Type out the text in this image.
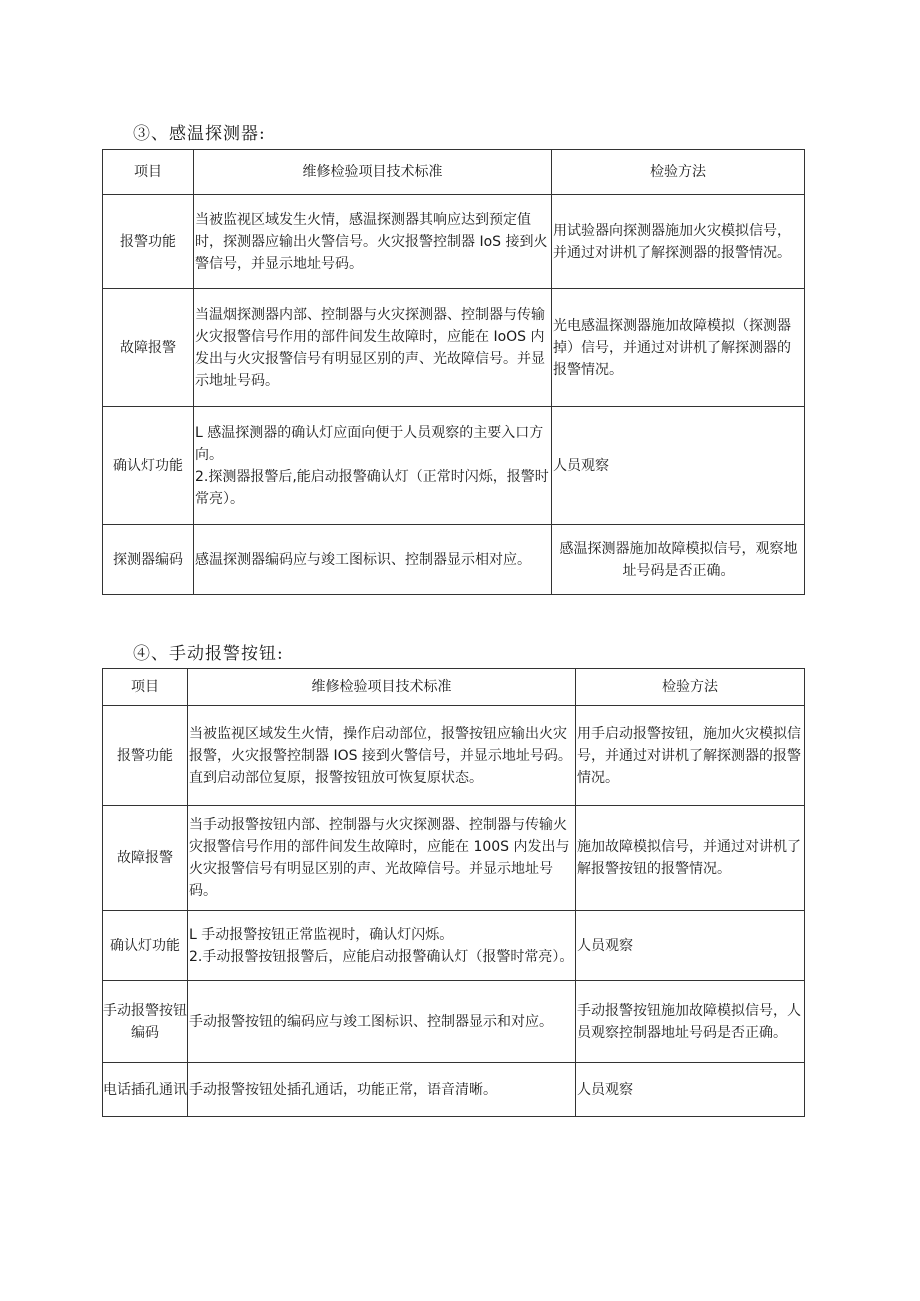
③、感温探测器:
项目	维修检验项目技术标准	检验方法
报警功能	当被监视区域发生火情，感温探测器其响应达到预定值时，探测器应输出火警信号。火灾报警控制器 IoS 接到火警信号，并显示地址号码。	用试验器向探测器施加火灾模拟信号，并通过对讲机了解探测器的报警情况。
故障报警	当温烟探测器内部、控制器与火灾探测器、控制器与传输火灾报警信号作用的部件间发生故障时，应能在 IoOS 内发出与火灾报警信号有明显区别的声、光故障信号。并显示地址号码。	光电感温探测器施加故障模拟（探测器掉）信号，并通过对讲机了解探测器的报警情况。
确认灯功能	L 感温探测器的确认灯应面向便于人员观察的主要入口方向。
2.探测器报警后,能启动报警确认灯（正常时闪烁，报警时常亮）。	人员观察
探测器编码	感温探测器编码应与竣工图标识、控制器显示相对应。	感温探测器施加故障模拟信号，观察地址号码是否正确。
④、手动报警按钮:
项目	维修检验项目技术标准	检验方法
报警功能	当被监视区域发生火情，操作启动部位，报警按钮应输出火灾报警，火灾报警控制器 IOS 接到火警信号，并显示地址号码。直到启动部位复原，报警按钮放可恢复原状态。	用手启动报警按钮，施加火灾模拟信号，并通过对讲机了解探测器的报警情况。
故障报警	当手动报警按钮内部、控制器与火灾探测器、控制器与传输火灾报警信号作用的部件间发生故障时，应能在 100S 内发出与火灾报警信号有明显区别的声、光故障信号。并显示地址号码。	施加故障模拟信号，并通过对讲机了解报警按钮的报警情况。
确认灯功能	L 手动报警按钮正常监视时，确认灯闪烁。
2.手动报警按钮报警后，应能启动报警确认灯（报警时常亮）。	人员观察
手动报警按钮编码	手动报警按钮的编码应与竣工图标识、控制器显示和对应。	手动报警按钮施加故障模拟信号，人员观察控制器地址号码是否正确。
电话插孔通讯	手动报警按钮处插孔通话，功能正常，语音清晰。	人员观察
